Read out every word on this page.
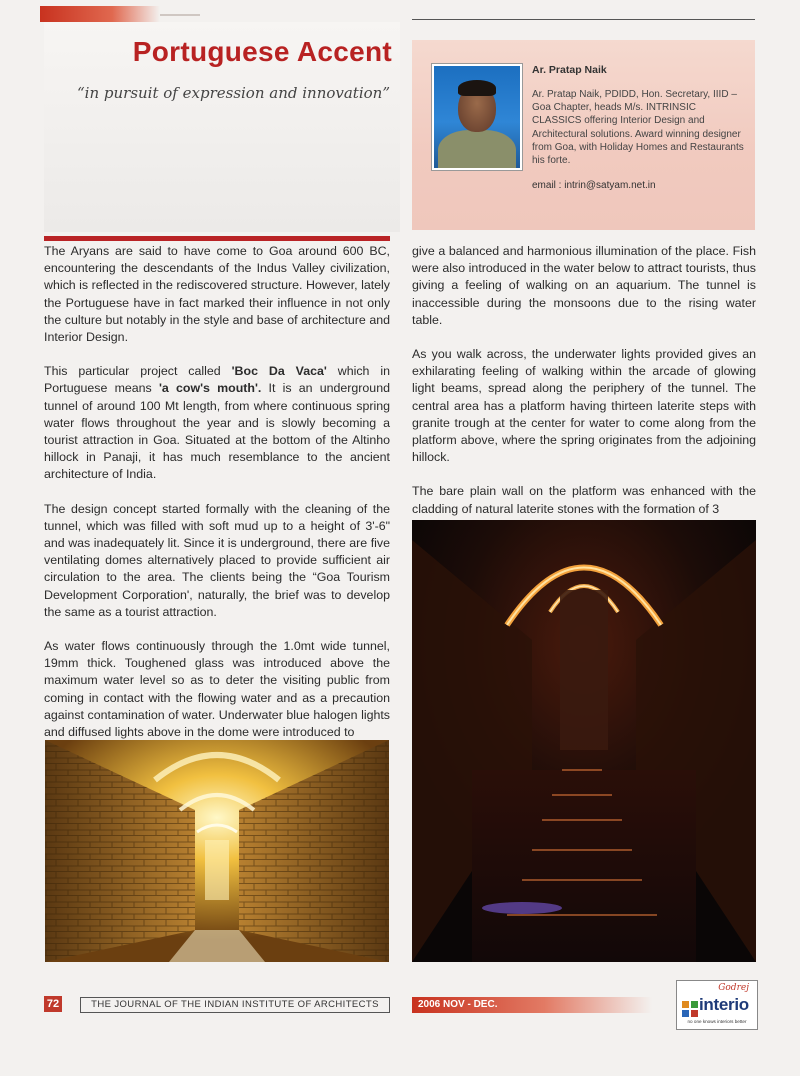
Portuguese Accent
“in pursuit of expression and innovation”
Ar. Pratap Naik
Ar. Pratap Naik, PDIDD, Hon. Secretary, IIID – Goa Chapter, heads M/s. INTRINSIC CLASSICS offering Interior Design and Architectural solutions. Award winning designer from Goa, with Holiday Homes and Restaurants his forte.
email : intrin@satyam.net.in

The Aryans are said to have come to Goa around 600 BC, encountering the descendants of the Indus Valley civilization, which is reflected in the rediscovered structure. However, lately the Portuguese have in fact marked their influence in not only the culture but notably in the style and base of architecture and Interior Design.

This particular project called 'Boc Da Vaca' which in Portuguese means 'a cow's mouth'. It is an underground tunnel of around 100 Mt length, from where continuous spring water flows throughout the year and is slowly becoming a tourist attraction in Goa. Situated at the bottom of the Altinho hillock in Panaji, it has much resemblance to the ancient architecture of India.

The design concept started formally with the cleaning of the tunnel, which was filled with soft mud up to a height of 3'-6" and was inadequately lit. Since it is underground, there are five ventilating domes alternatively placed to provide sufficient air circulation to the area. The clients being the “Goa Tourism Development Corporation', naturally, the brief was to develop the same as a tourist attraction.

As water flows continuously through the 1.0mt wide tunnel, 19mm thick. Toughened glass was introduced above the maximum water level so as to deter the visiting public from coming in contact with the flowing water and as a precaution against contamination of water. Underwater blue halogen lights and diffused lights above in the dome were introduced to

give a balanced and harmonious illumination of the place. Fish were also introduced in the water below to attract tourists, thus giving a feeling of walking on an aquarium. The tunnel is inaccessible during the monsoons due to the rising water table.

As you walk across, the underwater lights provided gives an exhilarating feeling of walking within the arcade of glowing light beams, spread along the periphery of the tunnel. The central area has a platform having thirteen laterite steps with granite trough at the center for water to come along from the platform above, where the spring originates from the adjoining hillock.

The bare plain wall on the platform was enhanced with the cladding of natural laterite stones with the formation of 3

72	THE JOURNAL OF THE INDIAN INSTITUTE OF ARCHITECTS	2006 NOV - DEC.
Godrej
interio
no one knows interiors better
